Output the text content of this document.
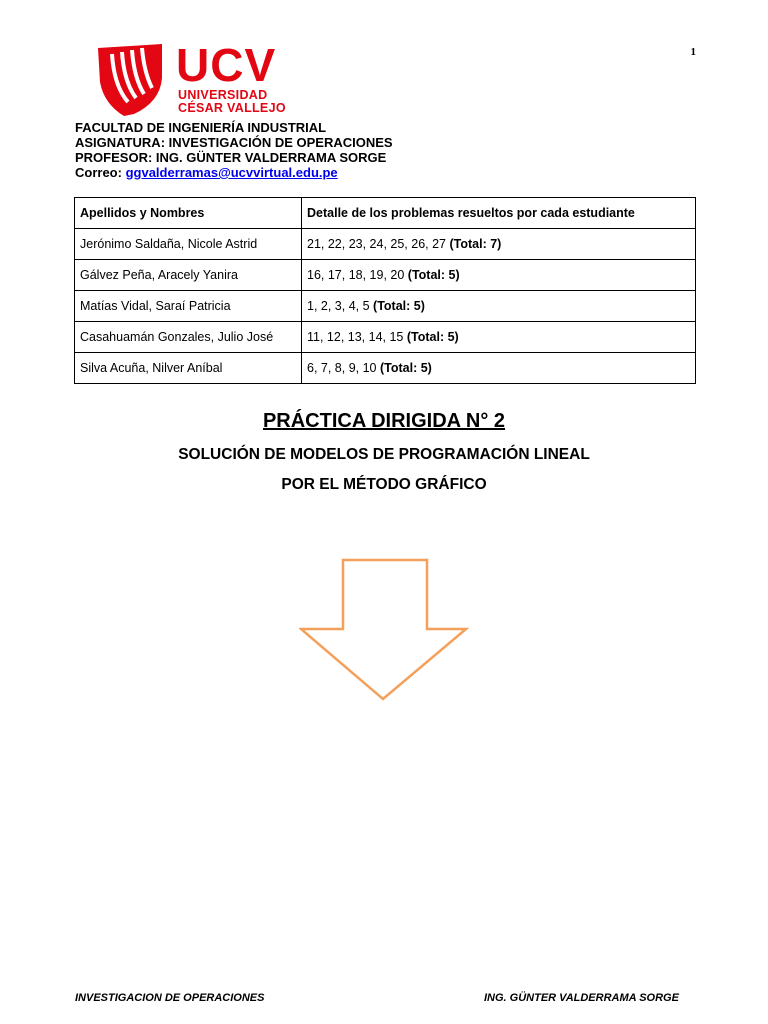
1
UCV
UNIVERSIDAD
CÉSAR VALLEJO
FACULTAD DE INGENIERÍA INDUSTRIAL
ASIGNATURA: INVESTIGACIÓN DE OPERACIONES
PROFESOR: ING. GÜNTER VALDERRAMA SORGE
Correo: ggvalderramas@ucvvirtual.edu.pe
Apellidos y Nombres	Detalle de los problemas resueltos por cada estudiante
Jerónimo Saldaña, Nicole Astrid	21, 22, 23, 24, 25, 26, 27 (Total: 7)
Gálvez Peña, Aracely Yanira	16, 17, 18, 19, 20 (Total: 5)
Matías Vidal, Saraí Patricia	1, 2, 3, 4, 5 (Total: 5)
Casahuamán Gonzales, Julio José	11, 12, 13, 14, 15 (Total: 5)
Silva Acuña, Nilver Aníbal	6, 7, 8, 9, 10 (Total: 5)
PRÁCTICA DIRIGIDA N° 2
SOLUCIÓN DE MODELOS DE PROGRAMACIÓN LINEAL
POR EL MÉTODO GRÁFICO
INVESTIGACION DE OPERACIONES	ING. GÜNTER VALDERRAMA SORGE
